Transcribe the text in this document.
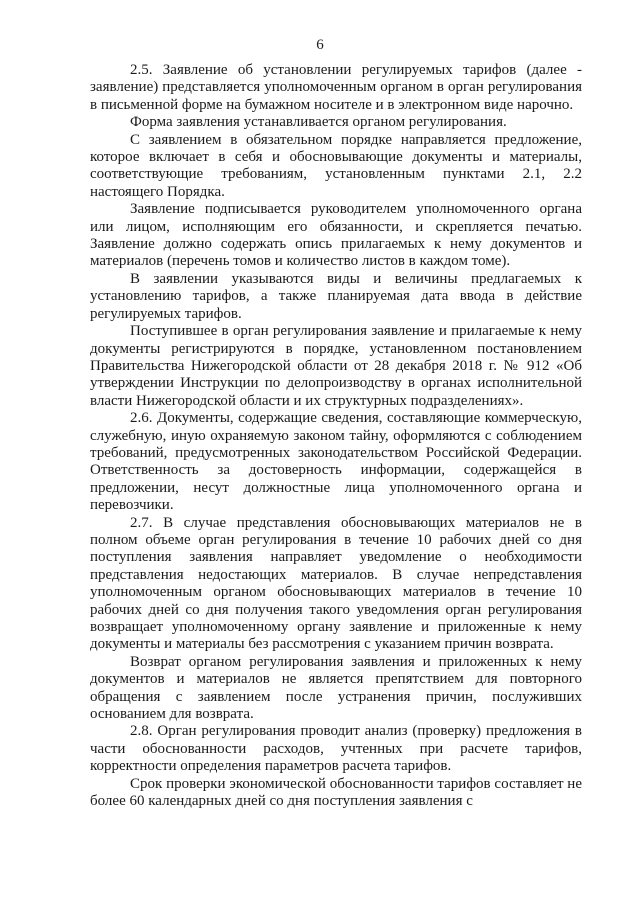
6

2.5. Заявление об установлении регулируемых тарифов (далее - заявление) представляется уполномоченным органом в орган регулирования в письменной форме на бумажном носителе и в электронном виде нарочно.

Форма заявления устанавливается органом регулирования.

С заявлением в обязательном порядке направляется предложение, которое включает в себя и обосновывающие документы и материалы, соответствующие требованиям, установленным пунктами 2.1, 2.2 настоящего Порядка.

Заявление подписывается руководителем уполномоченного органа или лицом, исполняющим его обязанности, и скрепляется печатью. Заявление должно содержать опись прилагаемых к нему документов и материалов (перечень томов и количество листов в каждом томе).

В заявлении указываются виды и величины предлагаемых к установлению тарифов, а также планируемая дата ввода в действие регулируемых тарифов.

Поступившее в орган регулирования заявление и прилагаемые к нему документы регистрируются в порядке, установленном постановлением Правительства Нижегородской области от 28 декабря 2018 г. № 912 «Об утверждении Инструкции по делопроизводству в органах исполнительной власти Нижегородской области и их структурных подразделениях».

2.6. Документы, содержащие сведения, составляющие коммерческую, служебную, иную охраняемую законом тайну, оформляются с соблюдением требований, предусмотренных законодательством Российской Федерации. Ответственность за достоверность информации, содержащейся в предложении, несут должностные лица уполномоченного органа и перевозчики.

2.7. В случае представления обосновывающих материалов не в полном объеме орган регулирования в течение 10 рабочих дней со дня поступления заявления направляет уведомление о необходимости представления недостающих материалов. В случае непредставления уполномоченным органом обосновывающих материалов в течение 10 рабочих дней со дня получения такого уведомления орган регулирования возвращает уполномоченному органу заявление и приложенные к нему документы и материалы без рассмотрения с указанием причин возврата.

Возврат органом регулирования заявления и приложенных к нему документов и материалов не является препятствием для повторного обращения с заявлением после устранения причин, послуживших основанием для возврата.

2.8. Орган регулирования проводит анализ (проверку) предложения в части обоснованности расходов, учтенных при расчете тарифов, корректности определения параметров расчета тарифов.

Срок проверки экономической обоснованности тарифов составляет не более 60 календарных дней со дня поступления заявления с
